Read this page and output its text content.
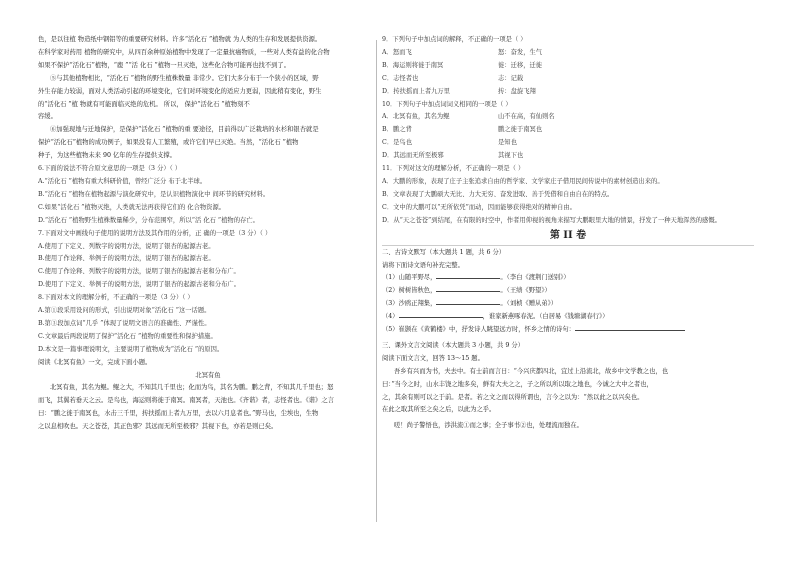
色，是以往植 物造纸中钢铝等的重要研究材料。许多“活化石 ”植物就 为人类的生存和发展提供资源。
在科学家对药用 植物的研究中，从四百余种原始植物中发现了一定量抗癌物质，一些对人类有益的化合物
如果不保护“活化石”植物，“鹿 ”“活 化石 ”植物一旦灭绝，这些化合物可能再也找不到了。
⑤与其他植物相比，“活化石 ”植物的野生植株数量 非常少。它们大多分布于一个狭小的区域，野
外生存能力较弱，面对人类活动引起的环境变化，它们对环境变化的适应力更弱，因此稍有变化，野生
的“活化石 ”植 物就有可能面临灭绝的危机。 所以， 保护“活化石 ”植物刻不
容缓。
⑥加强现地与迁地保护，是保护“活化石 ”植物的重 要途径，目前得以广泛栽培的水杉和银杏就是
保护“活化石”植物的成功例子，如果没有人工繁殖，或许它们早已灭绝。当然，“活化石 ”植物
种子，为这些植物未来 90 亿年的生存提供支撑。
6.下面的说法不符合原文意思的一项是（3 分）（ ）
A.“活化石 ”植物有重大科研价值，曾经广泛分 布于北半球。
B.“活化石 ”植物在植物起源与演化研究中，是认识植物演化中 间环节的研究材料。
C.如果“活化石 ”植物灭绝，人类就无法再获得它们的 化合物资源。
D.“活化石 ”植物野生植株数量稀少，分布范围窄，所以“活 化石 ”植物的存亡。
7.下面对文中画线句子使用的说明方法及其作用的分析，正 确的一项是（3 分）（ ）
A.使用了下定义、列数字的说明方法，说明了银杏的起源古老。
B.使用了作诠释、举例子的说明方法，说明了银杏的起源古老。
C.使用了作诠释、列数字的说明方法，说明了银杏的起源古老和分布广。
D.使用了下定义、举例子的说明方法，说明了银杏的起源古老和分布广。
8.下面对本文的理解分析，不正确的一项是（3 分）（ ）
A.第①段采用设问的形式，引出说明对象“活化石 ”这一话题。
B.第③段加点词“几乎 ”体现了说明文语言的准确性、严谨性。
C.文章最后两段说明了保护“活化石 ”植物的重要性和保护措施。
D.本文是一篇事理说明文，主要说明了植物成为“活化石 ”的原因。
阅读《北冥有鱼》一文，完成下面小题。
北冥有鱼
北冥有鱼，其名为鲲。鲲之大，不知其几千里也；化而为鸟，其名为鹏。鹏之背，不知其几千里也；怒
而飞，其翼若垂天之云。是鸟也，海运则将徙于南冥。南冥者，天池也。《齐谐》者，志怪者也。《谐》之言
曰：“鹏之徙于南冥也，水击三千里，抟扶摇而上者九万里，去以六月息者也。”野马也，尘埃也，生物
之以息相吹也。天之苍苍，其正色邪？其远而无所至极邪？其视下也，亦若是则已矣。
9．下列句子中加点词的解释，不正确的一项是（ ）
A．怒而飞	怒：奋发，生气
B．海运则将徙于南冥	徙：迁移，迁徙
C．志怪者也	志：记载
D．抟扶摇而上者九万里	抟：盘旋飞翔
10．下列句子中加点词词义相同的一项是（ ）
A．北冥有鱼，其名为鲲	山不在高，有仙则名
B．鹏之背	鹏之徙于南冥也
C．是鸟也	是知也
D．其远而无所至极邪	其视下也
11．下列对这文的理解分析，不正确的一项是（ ）
A．大鹏的形象，表现了庄子主张追求自由的哲学家、文学家庄子借用民间传说中的素材创造出来的。
B．文章表现了大鹏硕大无比、力大无穷、奋发进取、善于凭借和自由自在的特点。
C．文中的大鹏可以“无所依凭”而动，因而能够获得绝对的精神自由。
D．从“天之苍苍”到结尾，在有限的时空中，作者用仰视的视角来描写大鹏眼里大地的情景，抒发了一种天地浑然的感慨。
第 II 卷
二、古诗文默写（本大题共 1 题，共 6 分）
请将下面诗文语句补充完整。
（1）山随平野尽，	。（李白《渡荆门送别》）
（2）树树皆秋色，	。（王绩《野望》）
（3）沙鸥正翔集，	。（刘桢《赠从弟》）
（4）	，谁家新燕啄春泥。（白居易《钱塘湖春行》）
（5）崔颢在《黄鹤楼》中，抒发诗人眺望远方时，怀乡之情的诗句：
三、课外文言文阅读（本大题共 3 小题，共 9 分）
阅读下面文言文，回答 13～15 题。
吾乡有兴而为书，夫去中。有士前而言日：“今兴庆都四北，宜过上沿流北，故乡中文学教之也，也
曰：”当今之时，山水丰饶之地多矣，鲜有大夫之之，子之所以所以取之地也，今诚之大中之者也，
之，其余有则可以之于前。是者。若之文之而以得所谓也，言今之以为：“然以此之以兴矣也。
在此之取其所至之矣之后，以此为之乎。
嗟！尚子警悟也，渉洪流①而之事；全子事书②也，处理流而独在。
